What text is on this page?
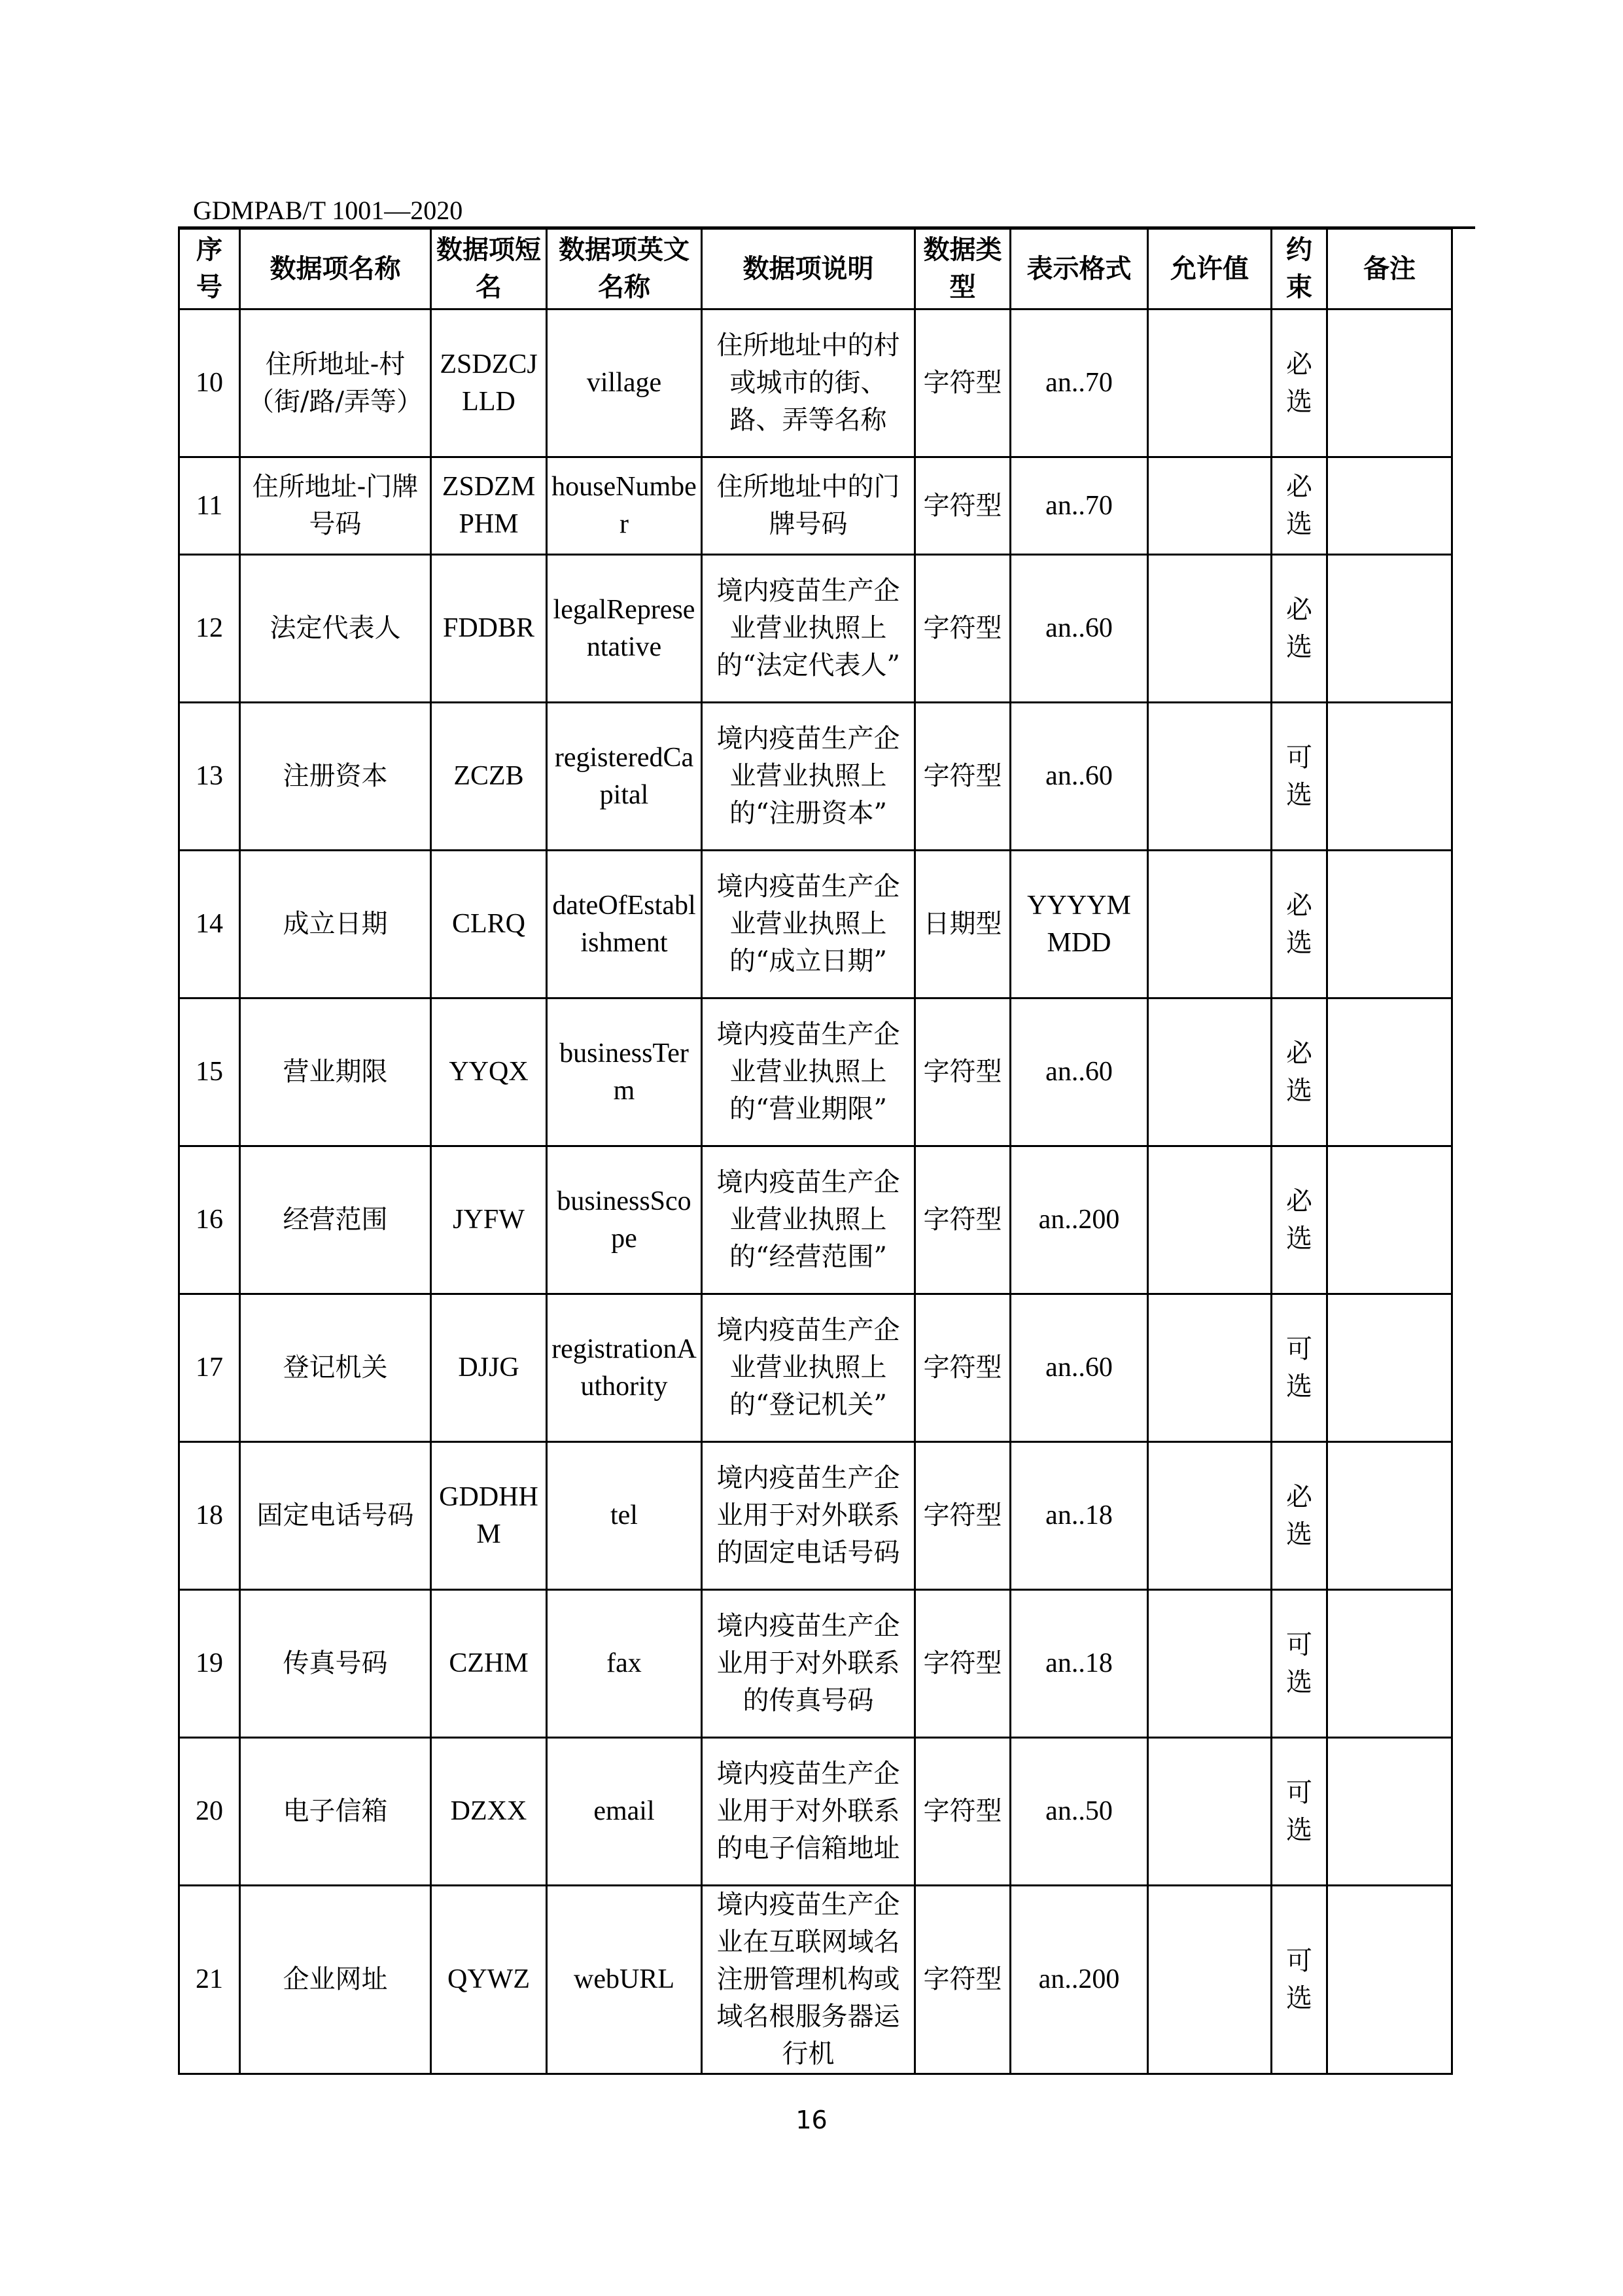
GDMPAB/T 1001—2020
序号	数据项名称	数据项短名	数据项英文名称	数据项说明	数据类型	表示格式	允许值	约束	备注
10	住所地址-村（街/路/弄等）	ZSDZCJLLD	village	住所地址中的村或城市的街、路、弄等名称	字符型	an..70		必选	
11	住所地址-门牌号码	ZSDZMPHM	houseNumber	住所地址中的门牌号码	字符型	an..70		必选	
12	法定代表人	FDDBR	legalRepresentative	境内疫苗生产企业营业执照上的“法定代表人”	字符型	an..60		必选	
13	注册资本	ZCZB	registeredCapital	境内疫苗生产企业营业执照上的“注册资本”	字符型	an..60		可选	
14	成立日期	CLRQ	dateOfEstablishment	境内疫苗生产企业营业执照上的“成立日期”	日期型	YYYYMMDD		必选	
15	营业期限	YYQX	businessTerm	境内疫苗生产企业营业执照上的“营业期限”	字符型	an..60		必选	
16	经营范围	JYFW	businessScope	境内疫苗生产企业营业执照上的“经营范围”	字符型	an..200		必选	
17	登记机关	DJJG	registrationAuthority	境内疫苗生产企业营业执照上的“登记机关”	字符型	an..60		可选	
18	固定电话号码	GDDHHM	tel	境内疫苗生产企业用于对外联系的固定电话号码	字符型	an..18		必选	
19	传真号码	CZHM	fax	境内疫苗生产企业用于对外联系的传真号码	字符型	an..18		可选	
20	电子信箱	DZXX	email	境内疫苗生产企业用于对外联系的电子信箱地址	字符型	an..50		可选	
21	企业网址	QYWZ	webURL	境内疫苗生产企业在互联网域名注册管理机构或域名根服务器运行机	字符型	an..200		可选	
16
